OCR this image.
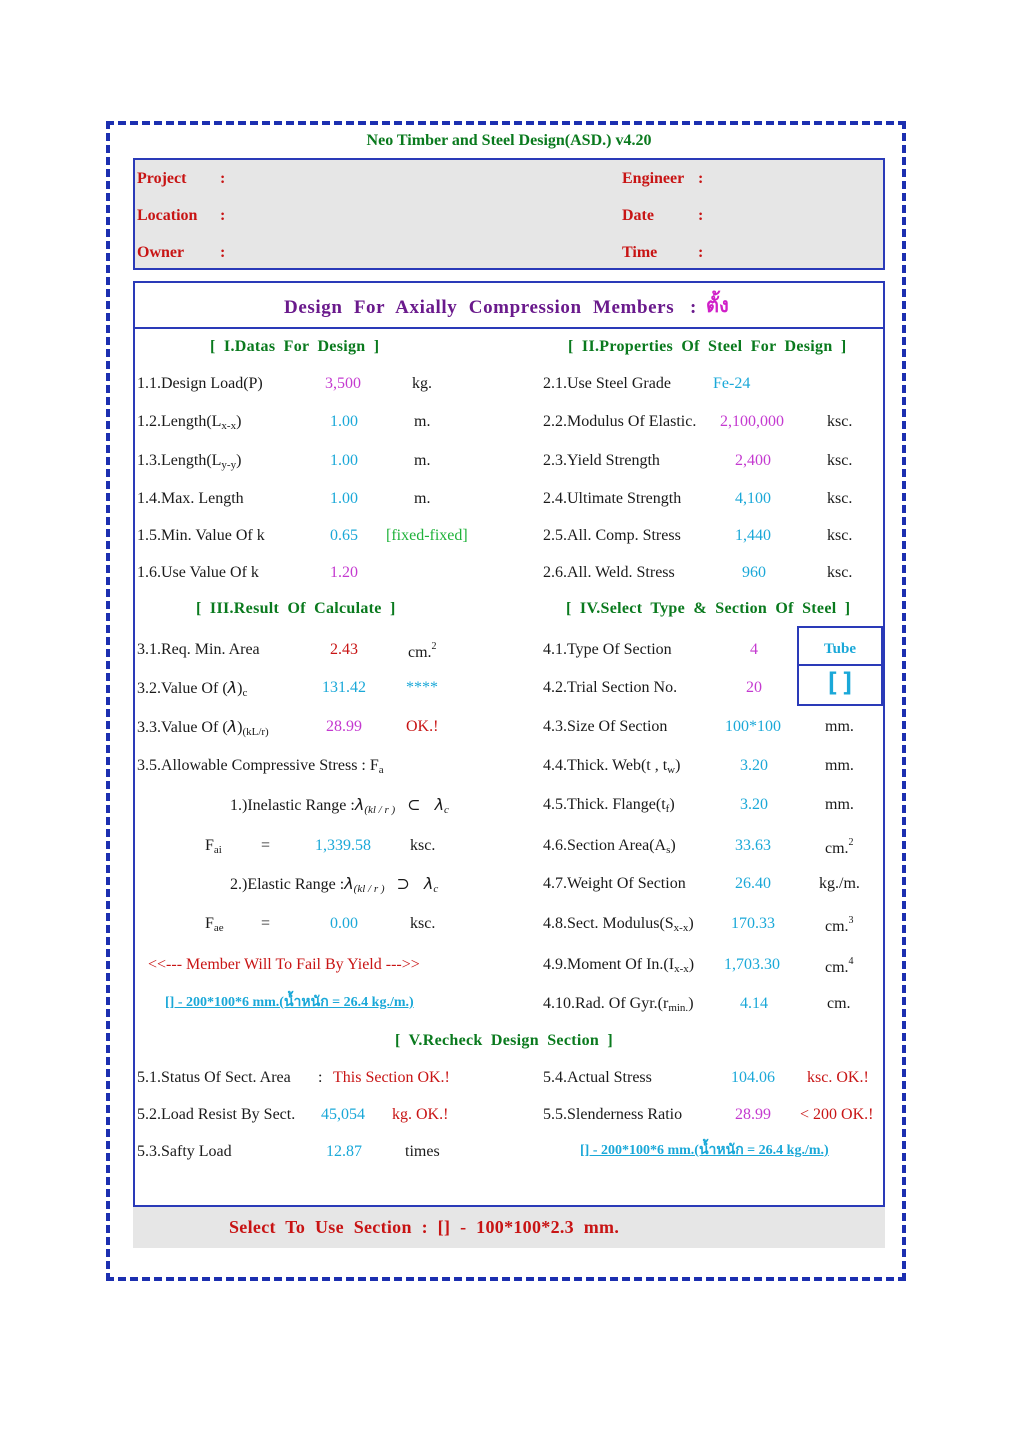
Neo Timber and Steel Design(ASD.) v4.20
Project :
Location :
Owner :
Engineer :
Date	:
Time	:
Design For Axially Compression Members : ตั้ง
[ I.Datas For Design ]
1.1.Design Load(P)	3,500	kg.
$1.2.Length(L_{x-x})$	1.00	m.
$1.3.Length(L_{y-y})$	1.00	m.
1.4.Max. Length	1.00	m.
1.5.Min. Value Of k	0.65 [fixed-fixed]
1.6.Use Value Of k	1.20
[ II.Properties Of Steel For Design ]
2.1.Use Steel Grade	Fe-24
2.2.Modulus Of Elastic. 2,100,000	ksc.
2.3.Yield Strength	2,400	ksc.
2.4.Ultimate Strength	4,100	ksc.
2.5.All. Comp. Stress	1,440	ksc.
2.6.All. Weld. Stress	960	ksc.
[ III.Result Of Calculate ]
3.1.Req. Min. Area	2.43	cm.$^2$
3.2.Value Of $(\lambda)_c$	131.42	****
3.3.Value Of $(\lambda)_{(kL/r)}$	28.99	OK.!
3.5.Allowable Compressive Stress : $F_a$
1.)Inelastic Range $:\lambda_{(kl / r )}$ ⊂ $\lambda_c$
$F_{ai}$ =	1,339.58 ksc.
2.)Elastic Range $:\lambda_{(kl / r )}$ ⊃ $\lambda_c$
$F_{ae}$ =	0.00	ksc.
<<--- Member Will To Fail By Yield --->>
[] - 200*100*6 mm.(น้ำหนัก = 26.4 kg./m.)
[ IV.Select Type & Section Of Steel ]
4.1.Type Of Section	4
4.2.Trial Section No.	20
Tube
[]
4.3.Size Of Section	100*100	mm.
4.4.Thick. Web(t , $t_w$)	3.20	mm.
4.5.Thick. $Flange(t_f)$	3.20	mm.
4.6.Section $Area(A_s)$	33.63	cm.$^2$
4.7.Weight Of Section	26.40	kg./m.
4.8.Sect. $Modulus(S_{x-x})$ 170.33	cm.$^3$
4.9.Moment Of $In.(I_{x-x})$ 1,703.30	cm.$^4$
4.10.Rad. Of $Gyr.(r_{min.})$	4.14	cm.
[ V.Recheck Design Section ]
5.1.Status Of Sect. Area : This Section OK.!
5.2.Load Resist By Sect. 45,054 kg. OK.!
5.3.Safty Load	12.87	times
5.4.Actual Stress	104.06 ksc. OK.!
5.5.Slenderness Ratio	28.99 < 200 OK.!
[] - 200*100*6 mm.(น้ำหนัก = 26.4 kg./m.)
Select To Use Section : [] - 100*100*2.3 mm.
